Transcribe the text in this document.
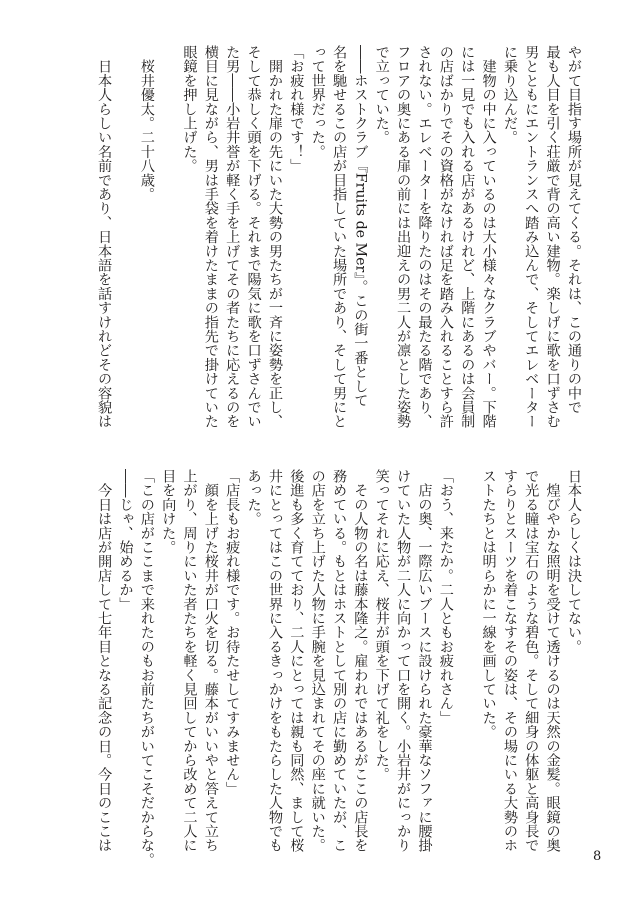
やがて目指す場所が見えてくる。それは、この通りの中で
最も人目を引く荘厳で背の高い建物。楽しげに歌を口ずさむ
男とともにエントランスへ踏み込んで、そしてエレベーター
に乗り込んだ。
　建物の中に入っているのは大小様々なクラブやバー。下階
には一見でも入れる店があるけれど、上階にあるのは会員制
の店ばかりでその資格がなければ足を踏み入れることすら許
されない。エレベーターを降りたのはその最たる階であり、
フロアの奥にある扉の前には出迎えの男二人が凛とした姿勢
で立っていた。
――ホストクラブ『Fruits de Mer』。この街一番として
名を馳せるこの店が目指していた場所であり、そして男にと
って世界だった。
「お疲れ様です！」
　開かれた扉の先にいた大勢の男たちが一斉に姿勢を正し、
そして恭しく頭を下げる。それまで陽気に歌を口ずさんでい
た男――小岩井誉が軽く手を上げてその者たちに応えるのを
横目に見ながら、男は手袋を着けたままの指先で掛けていた
眼鏡を押し上げた。
　桜井優太。二十八歳。
　日本人らしい名前であり、日本語を話すけれどその容貌は
日本人らしくは決してない。
　煌びやかな照明を受けて透けるのは天然の金髪。眼鏡の奥
で光る瞳は宝石のような碧色。そして細身の体躯と高身長で
すらりとスーツを着こなすその姿は、その場にいる大勢のホ
ストたちとは明らかに一線を画していた。
「おう、来たか。二人ともお疲れさん」
　店の奥、一際広いブースに設けられた豪華なソファに腰掛
けていた人物が二人に向かって口を開く。小岩井がにっかり
笑ってそれに応え、桜井が頭を下げて礼をした。
　その人物の名は藤本隆之。雇われではあるがここの店長を
務めている。もとはホストとして別の店に勤めていたが、こ
の店を立ち上げた人物に手腕を見込まれてその座に就いた。
後進も多く育てており、二人にとっては親も同然、まして桜
井にとってはこの世界に入るきっかけをもたらした人物でも
あった。
「店長もお疲れ様です。お待たせしてすみません」
　顔を上げた桜井が口火を切る。藤本がいいやと答えて立ち
上がり、周りにいた者たちを軽く見回してから改めて二人に
目を向けた。
「この店がここまで来れたのもお前たちがいてこそだからな。
――じゃ、始めるか」
　今日は店が開店して七年目となる記念の日。今日のここは
8
